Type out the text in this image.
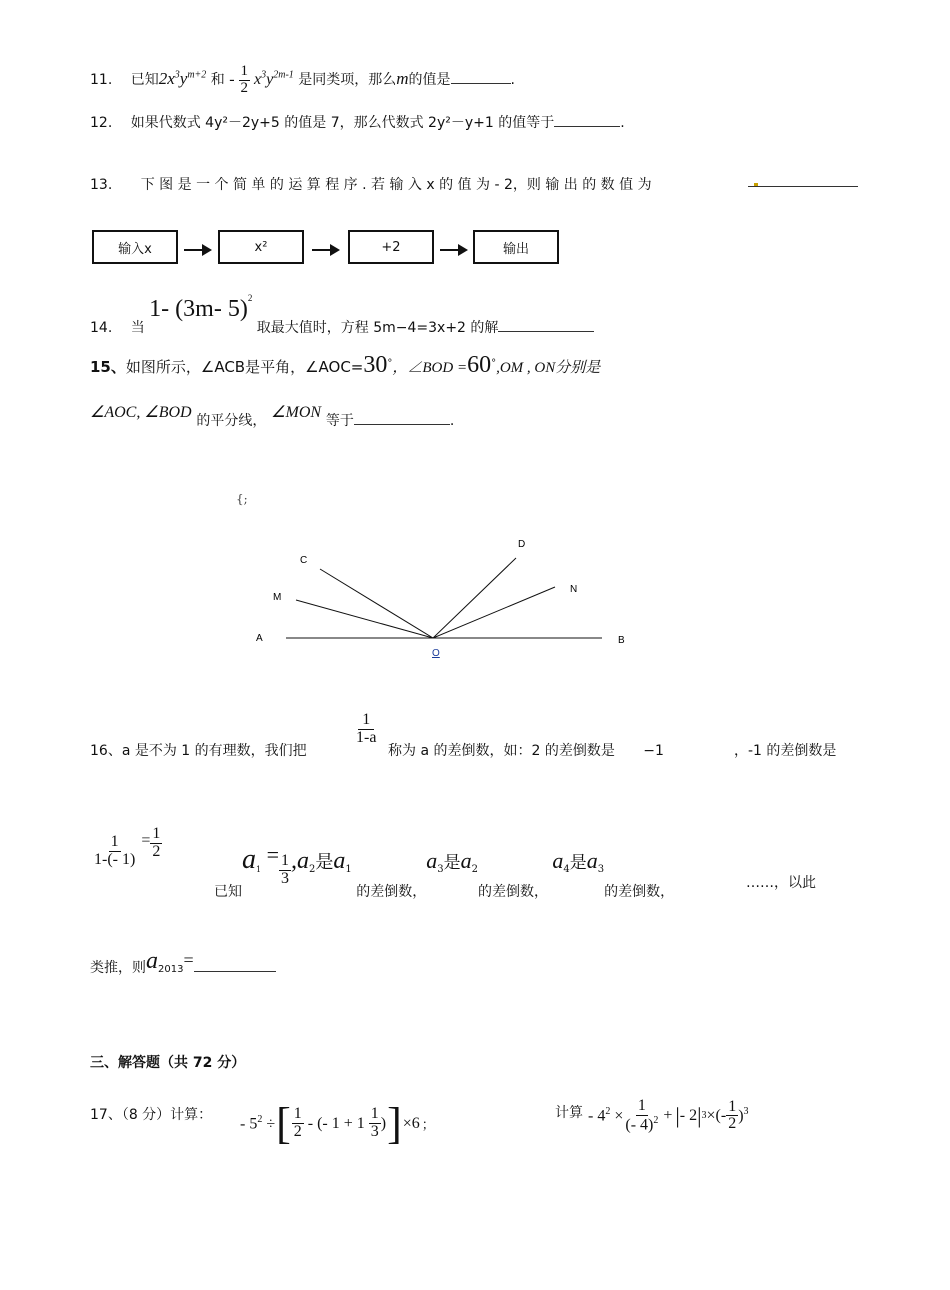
11. 已知$2x^3y^{m+2}$ 和 - $\frac{1}{2} x^3y^{2m-1}$ 是同类项，那么m的值是	.
12. 如果代数式 4y²－2y+5 的值是 7，那么代数式 2y²－y+1 的值等于	.
13. 下 图 是 一 个 简 单 的 运 算 程 序 . 若 输 入 x 的 值 为 - 2，则 输 出 的 数 值 为
输入x	x²	+2	输出
14. 当 1- (3m- 5)$^2$ 取最大值时，方程 5m−4=3x+2 的解
15、如图所示，∠ACB是平角，∠AOC=30°，∠BOD =60°,OM , ON分别是
∠AOC, ∠BOD 的平分线， ∠MON 等于	.
{;
A	B
C
D
M
N
O
16、a 是不为 1 的有理数，我们把
$\frac{1}{1-a}$
称为 a 的差倒数，如：2 的差倒数是 −1	，-1 的差倒数是
$\frac{1}{1-(- 1)} = \frac{1}{2}$
已知$a_1 = \frac{1}{3} ,a_2$是$a_1$ 的差倒数，$a_3$是$a_2$的差倒数， $a_4$是$a_3$的差倒数，
……，以此
类推，则a2013=
三、解答题（共 72 分）
17、（8 分）计算：
- $5^2$ ÷ [ $\frac{1}{2}$ - (- $1 + 1 \frac{1}{3}$ ) ] ×6 ；
计算 - $4^2 \times \frac{1}{(- 4)^2}$ + | - 2 | 3 ×(- $\frac{1}{2} )^3$
